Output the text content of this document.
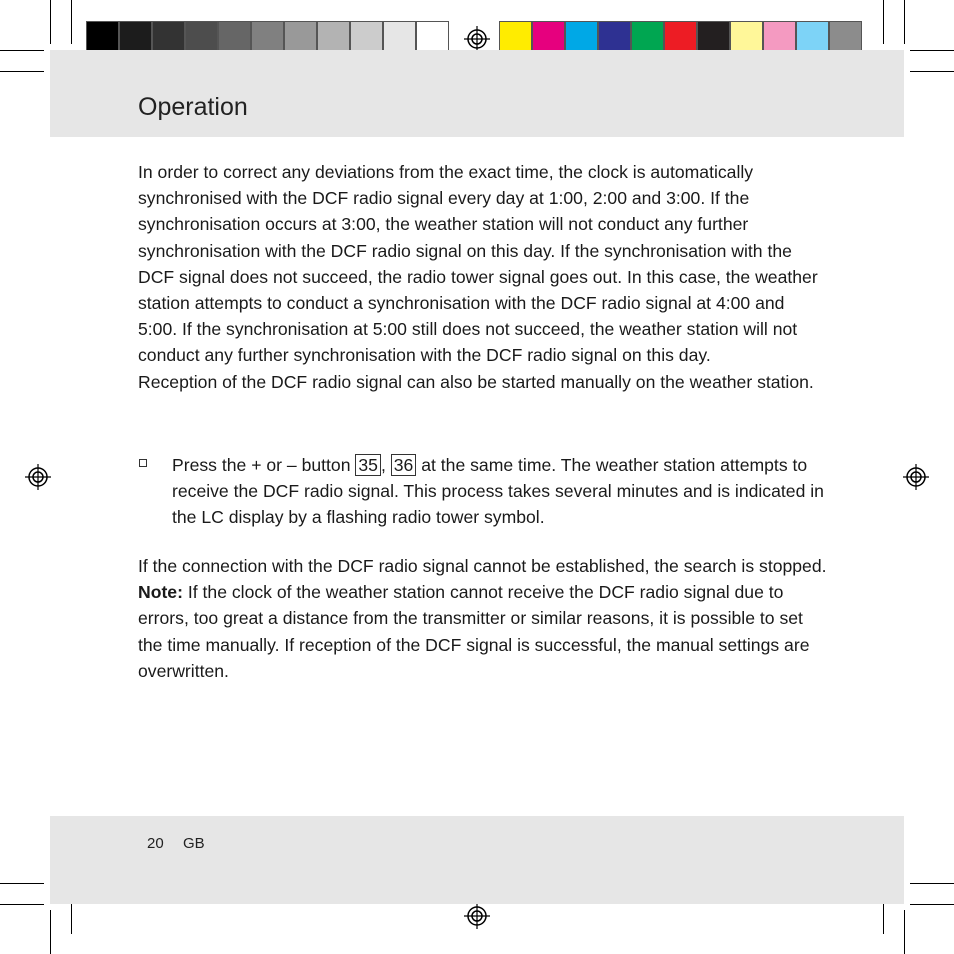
Operation

In order to correct any deviations from the exact time, the clock is automatically synchronised with the DCF radio signal every day at 1:00, 2:00 and 3:00. If the synchronisation occurs at 3:00, the weather station will not conduct any further synchronisation with the DCF radio signal on this day. If the synchronisation with the DCF signal does not succeed, the radio tower signal goes out. In this case, the weather station attempts to conduct a synchronisation with the DCF radio signal at 4:00 and 5:00. If the synchronisation at 5:00 still does not succeed, the weather station will not conduct any further synchronisation with the DCF radio signal on this day.

Reception of the DCF radio signal can also be started manually on the weather station.

Press the + or – button 35 , 36 at the same time. The weather station attempts to receive the DCF radio signal. This process takes several minutes and is indicated in the LC display by a flashing radio tower symbol.

If the connection with the DCF radio signal cannot be established, the search is stopped.

Note: If the clock of the weather station cannot receive the DCF radio signal due to errors, too great a distance from the transmitter or similar reasons, it is possible to set the time manually. If reception of the DCF signal is successful, the manual settings are overwritten.

20 GB
